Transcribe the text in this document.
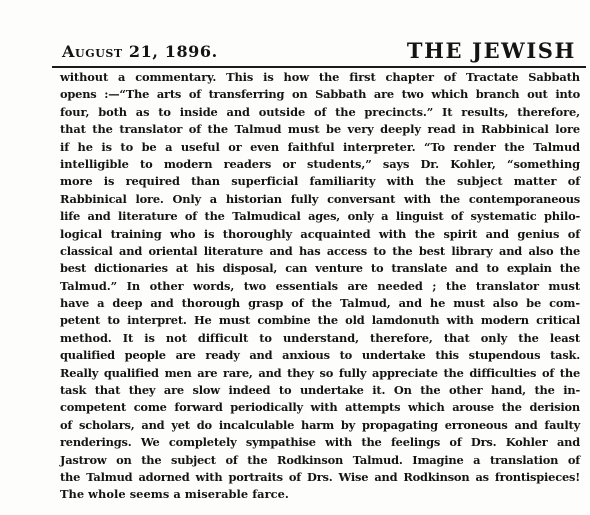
August 21, 1896.	THE JEWISH
without a commentary. This is how the first chapter of Tractate Sabbath
opens :—“The arts of transferring on Sabbath are two which branch out into
four, both as to inside and outside of the precincts.” It results, therefore,
that the translator of the Talmud must be very deeply read in Rabbinical lore
if he is to be a useful or even faithful interpreter. “To render the Talmud
intelligible to modern readers or students,” says Dr. Kohler, “something
more is required than superficial familiarity with the subject matter of
Rabbinical lore. Only a historian fully conversant with the contemporaneous
life and literature of the Talmudical ages, only a linguist of systematic philo-
logical training who is thoroughly acquainted with the spirit and genius of
classical and oriental literature and has access to the best library and also the
best dictionaries at his disposal, can venture to translate and to explain the
Talmud.” In other words, two essentials are needed ; the translator must
have a deep and thorough grasp of the Talmud, and he must also be com-
petent to interpret. He must combine the old lamdonuth with modern critical
method. It is not difficult to understand, therefore, that only the least
qualified people are ready and anxious to undertake this stupendous task.
Really qualified men are rare, and they so fully appreciate the difficulties of the
task that they are slow indeed to undertake it. On the other hand, the in-
competent come forward periodically with attempts which arouse the derision
of scholars, and yet do incalculable harm by propagating erroneous and faulty
renderings. We completely sympathise with the feelings of Drs. Kohler and
Jastrow on the subject of the Rodkinson Talmud. Imagine a translation of
the Talmud adorned with portraits of Drs. Wise and Rodkinson as frontispieces!
The whole seems a miserable farce.
